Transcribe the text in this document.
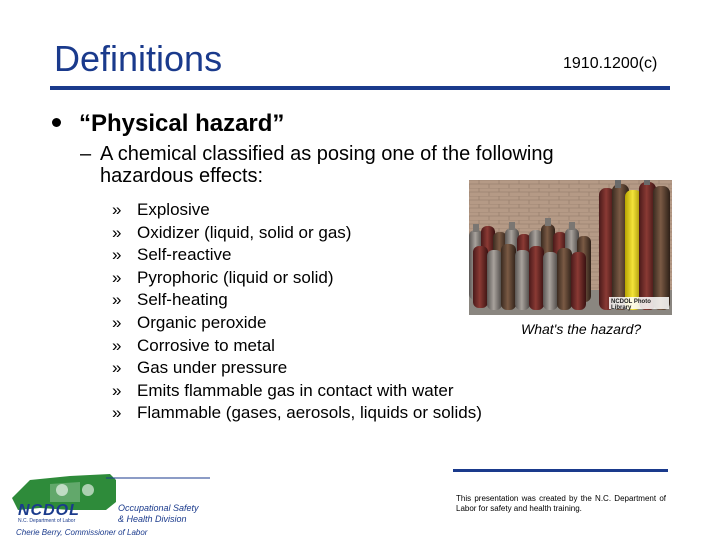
Definitions	1910.1200(c)
“Physical hazard”
– A chemical classified as posing one of the following hazardous effects:
» Explosive
» Oxidizer (liquid, solid or gas)
» Self-reactive
» Pyrophoric (liquid or solid)
» Self-heating
» Organic peroxide
» Corrosive to metal
» Gas under pressure
» Emits flammable gas in contact with water
» Flammable (gases, aerosols, liquids or solids)
NCDOL Photo Library
What's the hazard?
This presentation was created by the N.C. Department of Labor for safety and health training.
NCDOL
N.C. Department of Labor
Occupational Safety
& Health Division
Cherie Berry, Commissioner of Labor
